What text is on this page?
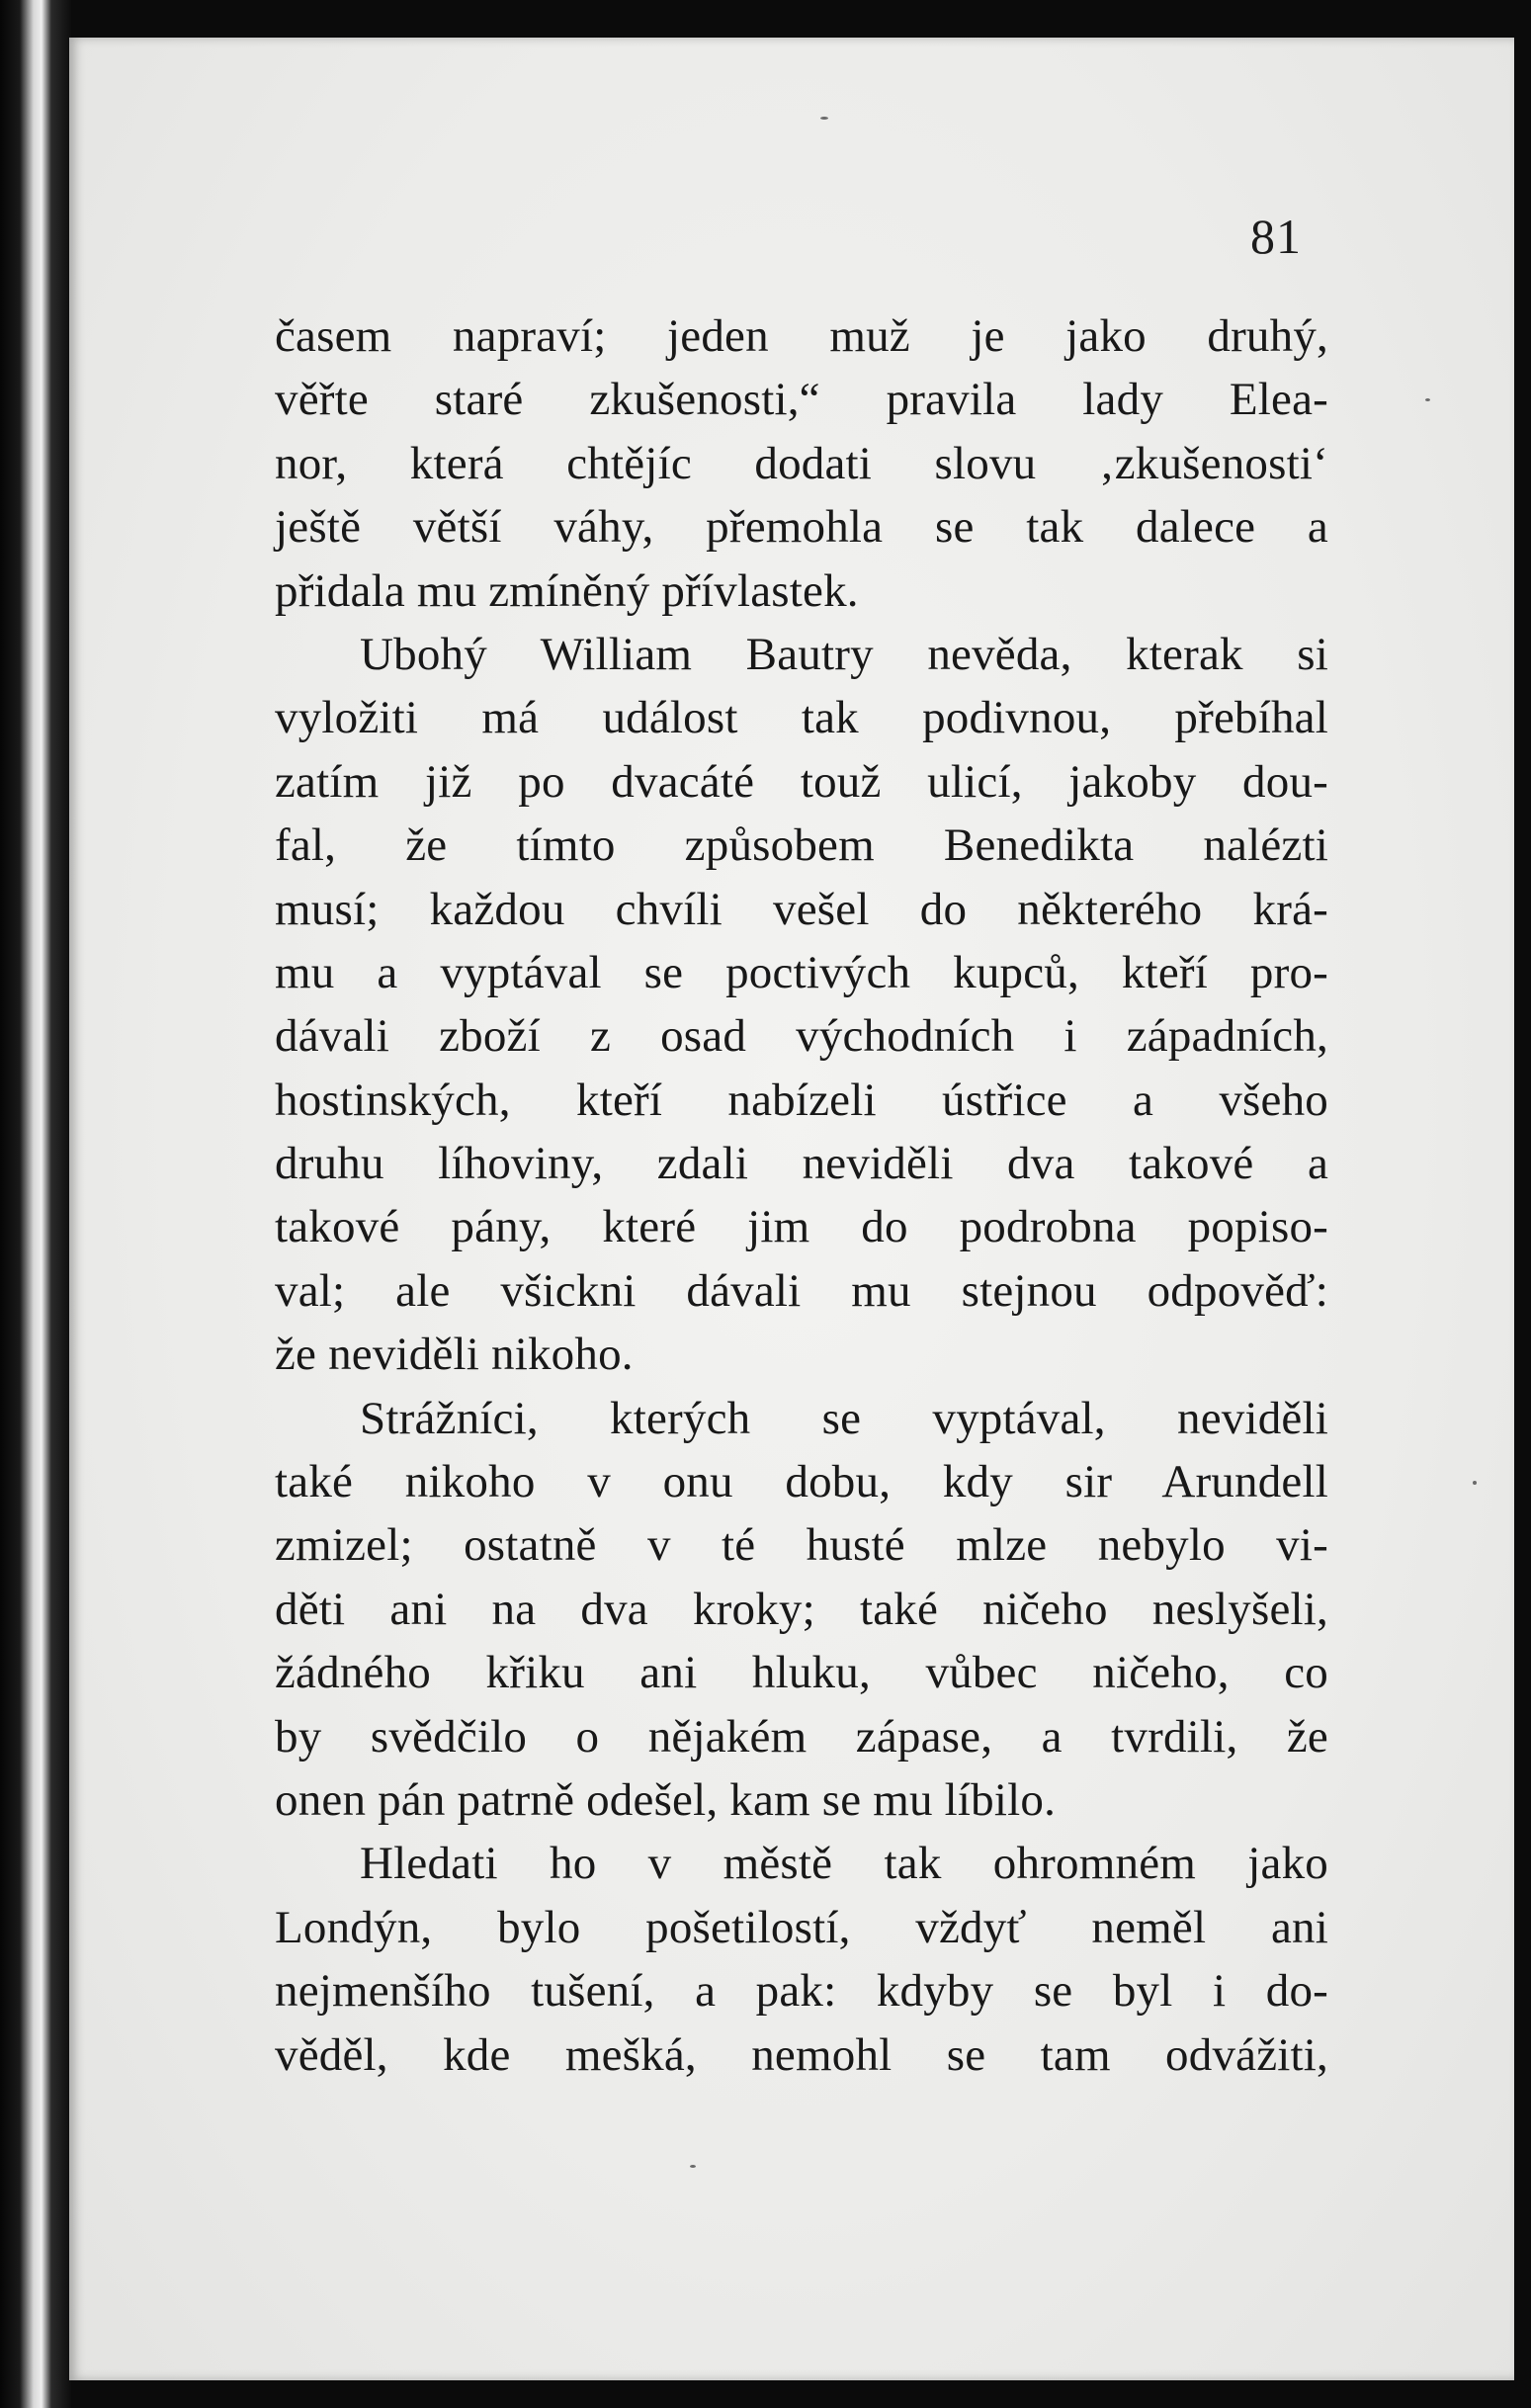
81
časem napraví; jeden muž je jako druhý,
věřte staré zkušenosti,“ pravila lady Elea-
nor, která chtějíc dodati slovu ‚zkušenosti‘
ještě větší váhy, přemohla se tak dalece a
přidala mu zmíněný přívlastek.
Ubohý William Bautry nevěda, kterak si
vyložiti má událost tak podivnou, přebíhal
zatím již po dvacáté touž ulicí, jakoby dou-
fal, že tímto způsobem Benedikta nalézti
musí; každou chvíli vešel do některého krá-
mu a vyptával se poctivých kupců, kteří pro-
dávali zboží z osad východních i západních,
hostinských, kteří nabízeli ústřice a všeho
druhu líhoviny, zdali neviděli dva takové a
takové pány, které jim do podrobna popiso-
val; ale všickni dávali mu stejnou odpověď:
že neviděli nikoho.
Strážníci, kterých se vyptával, neviděli
také nikoho v onu dobu, kdy sir Arundell
zmizel; ostatně v té husté mlze nebylo vi-
děti ani na dva kroky; také ničeho neslyšeli,
žádného křiku ani hluku, vůbec ničeho, co
by svědčilo o nějakém zápase, a tvrdili, že
onen pán patrně odešel, kam se mu líbilo.
Hledati ho v městě tak ohromném jako
Londýn, bylo pošetilostí, vždyť neměl ani
nejmenšího tušení, a pak: kdyby se byl i do-
věděl, kde mešká, nemohl se tam odvážiti,
